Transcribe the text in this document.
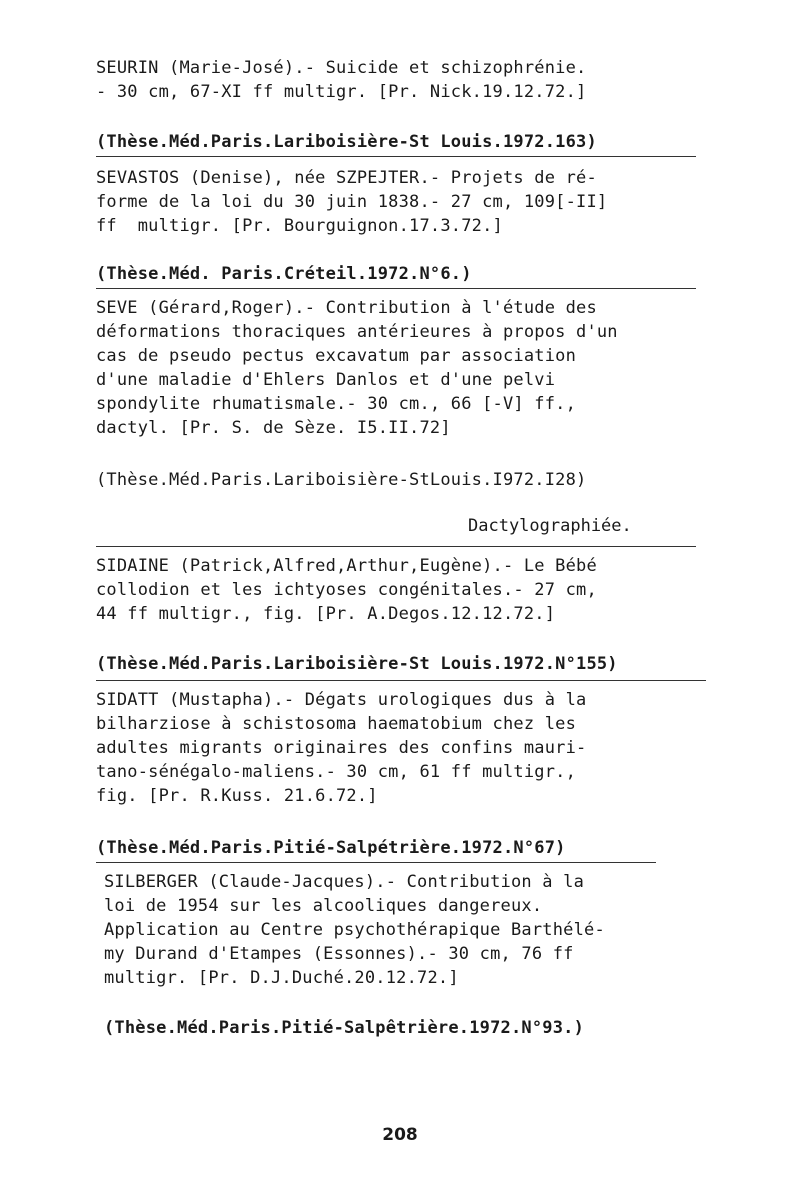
SEURIN (Marie-José).- Suicide et schizophrénie.
- 30 cm, 67-XI ff multigr. [Pr. Nick.19.12.72.]
(Thèse.Méd.Paris.Lariboisière-St Louis.1972.163)
SEVASTOS (Denise), née SZPEJTER.- Projets de ré-
forme de la loi du 30 juin 1838.- 27 cm, 109[-II]
ff  multigr. [Pr. Bourguignon.17.3.72.]
(Thèse.Méd. Paris.Créteil.1972.N°6.)
SEVE (Gérard,Roger).- Contribution à l'étude des
déformations thoraciques antérieures à propos d'un
cas de pseudo pectus excavatum par association
d'une maladie d'Ehlers Danlos et d'une pelvi
spondylite rhumatismale.- 30 cm., 66 [-V] ff.,
dactyl. [Pr. S. de Sèze. I5.II.72]
(Thèse.Méd.Paris.Lariboisière-StLouis.I972.I28)
Dactylographiée.
SIDAINE (Patrick,Alfred,Arthur,Eugène).- Le Bébé
collodion et les ichtyoses congénitales.- 27 cm,
44 ff multigr., fig. [Pr. A.Degos.12.12.72.]
(Thèse.Méd.Paris.Lariboisière-St Louis.1972.N°155)
SIDATT (Mustapha).- Dégats urologiques dus à la
bilharziose à schistosoma haematobium chez les
adultes migrants originaires des confins mauri-
tano-sénégalo-maliens.- 30 cm, 61 ff multigr.,
fig. [Pr. R.Kuss. 21.6.72.]
(Thèse.Méd.Paris.Pitié-Salpétrière.1972.N°67)
SILBERGER (Claude-Jacques).- Contribution à la
loi de 1954 sur les alcooliques dangereux.
Application au Centre psychothérapique Barthélé-
my Durand d'Etampes (Essonnes).- 30 cm, 76 ff
multigr. [Pr. D.J.Duché.20.12.72.]
(Thèse.Méd.Paris.Pitié-Salpêtrière.1972.N°93.)
208
